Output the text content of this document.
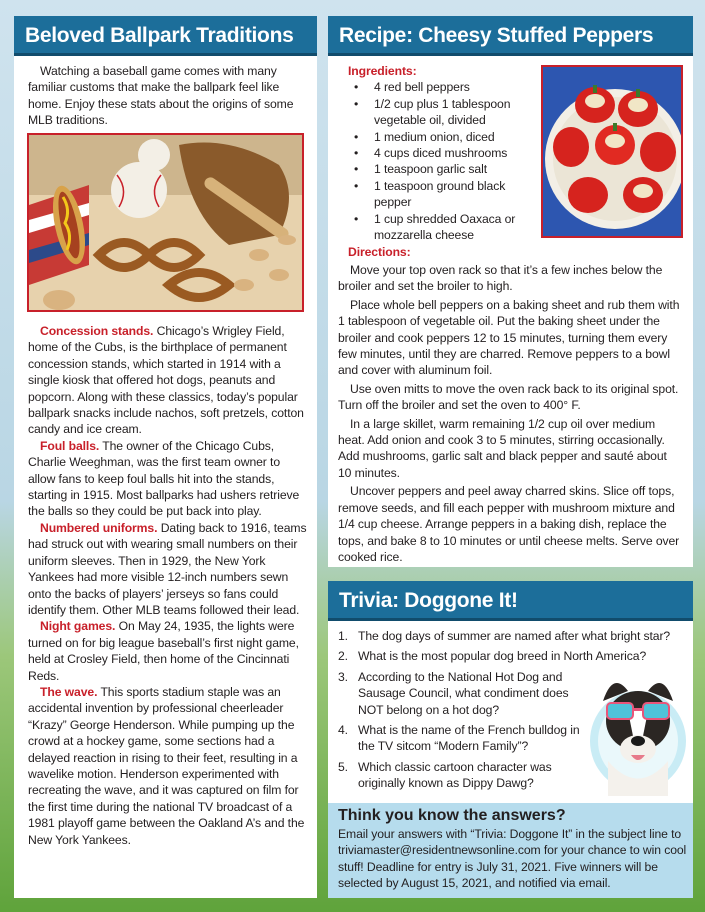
Beloved Ballpark Traditions

Watching a baseball game comes with many familiar customs that make the ballpark feel like home. Enjoy these stats about the origins of some MLB traditions.

Concession stands. Chicago’s Wrigley Field, home of the Cubs, is the birthplace of permanent concession stands, which started in 1914 with a single kiosk that offered hot dogs, peanuts and popcorn. Along with these classics, today’s popular ballpark snacks include nachos, soft pretzels, cotton candy and ice cream.

Foul balls. The owner of the Chicago Cubs, Charlie Weeghman, was the first team owner to allow fans to keep foul balls hit into the stands, starting in 1915. Most ballparks had ushers retrieve the balls so they could be put back into play.

Numbered uniforms. Dating back to 1916, teams had struck out with wearing small numbers on their uniform sleeves. Then in 1929, the New York Yankees had more visible 12-inch numbers sewn onto the backs of players’ jerseys so fans could identify them. Other MLB teams followed their lead.

Night games. On May 24, 1935, the lights were turned on for big league baseball’s first night game, held at Crosley Field, then home of the Cincinnati Reds.

The wave. This sports stadium staple was an accidental invention by professional cheerleader “Krazy” George Henderson. While pumping up the crowd at a hockey game, some sections had a delayed reaction in rising to their feet, resulting in a wavelike motion. Henderson experimented with recreating the wave, and it was captured on film for the first time during the national TV broadcast of a 1981 playoff game between the Oakland A’s and the New York Yankees.

Recipe: Cheesy Stuffed Peppers

Ingredients:

• 4 red bell peppers
• 1/2 cup plus 1 tablespoon vegetable oil, divided
• 1 medium onion, diced
• 4 cups diced mushrooms
• 1 teaspoon garlic salt
• 1 teaspoon ground black pepper
• 1 cup shredded Oaxaca or mozzarella cheese

Directions:

Move your top oven rack so that it’s a few inches below the broiler and set the broiler to high.

Place whole bell peppers on a baking sheet and rub them with 1 tablespoon of vegetable oil. Put the baking sheet under the broiler and cook peppers 12 to 15 minutes, turning them every few minutes, until they are charred. Remove peppers to a bowl and cover with aluminum foil.

Use oven mitts to move the oven rack back to its original spot. Turn off the broiler and set the oven to 400° F.

In a large skillet, warm remaining 1/2 cup oil over medium heat. Add onion and cook 3 to 5 minutes, stirring occasionally. Add mushrooms, garlic salt and black pepper and sauté about 10 minutes.

Uncover peppers and peel away charred skins. Slice off tops, remove seeds, and fill each pepper with mushroom mixture and 1/4 cup cheese. Arrange peppers in a baking dish, replace the tops, and bake 8 to 10 minutes or until cheese melts. Serve over cooked rice.

Trivia: Doggone It!
1. The dog days of summer are named after what bright star?
2. What is the most popular dog breed in North America?
3. According to the National Hot Dog and Sausage Council, what condiment does NOT belong on a hot dog?
4. What is the name of the French bulldog in the TV sitcom “Modern Family”?
5. Which classic cartoon character was originally known as Dippy Dawg?

Think you know the answers?

Email your answers with “Trivia: Doggone It” in the subject line to triviamaster@residentnewsonline.com for your chance to win cool stuff! Deadline for entry is July 31, 2021. Five winners will be selected by August 15, 2021, and notified via email.
